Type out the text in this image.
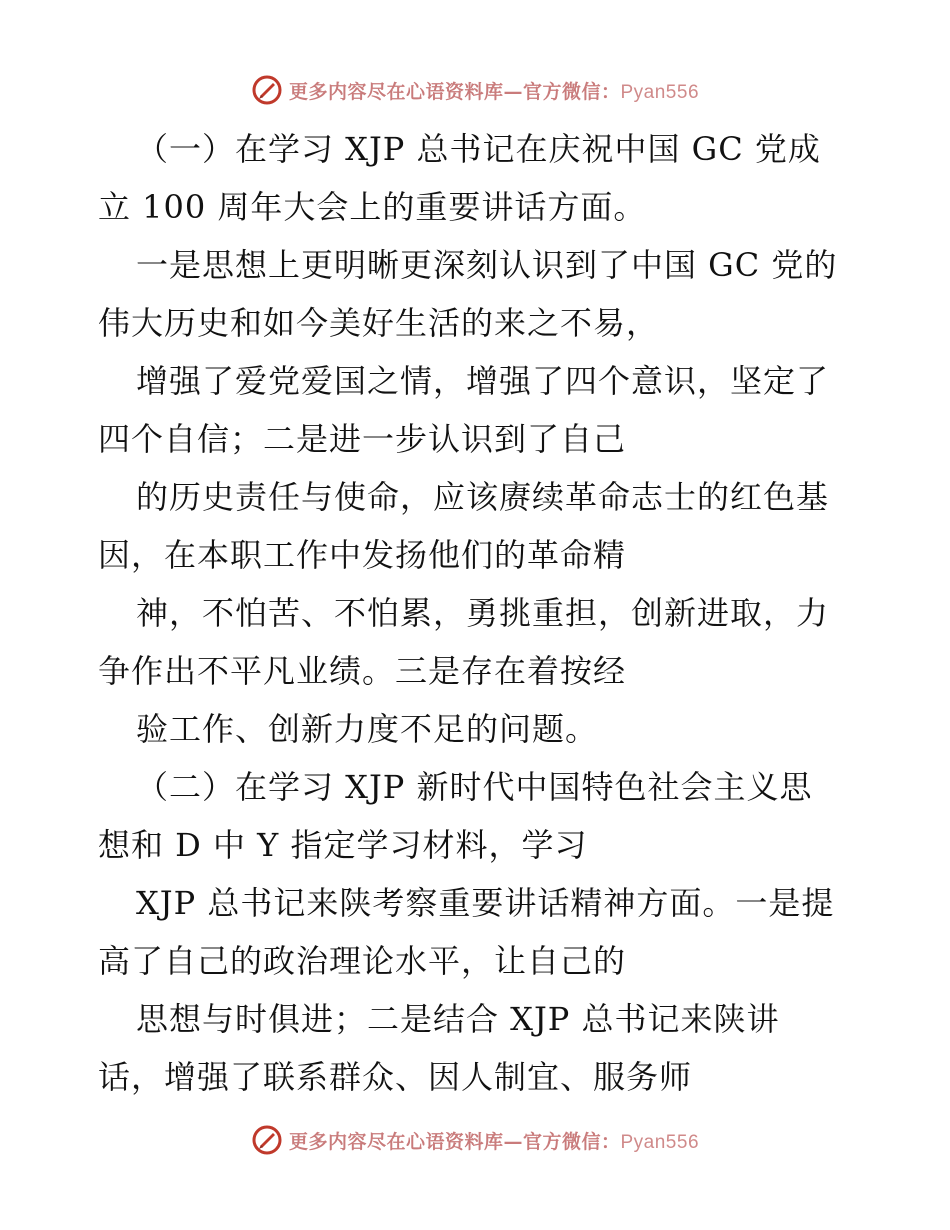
更多内容尽在心语资料库—官方微信：Pyan556
（一）在学习 XJP 总书记在庆祝中国 GC 党成
立 100 周年大会上的重要讲话方面。
一是思想上更明晰更深刻认识到了中国 GC 党的
伟大历史和如今美好生活的来之不易，
增强了爱党爱国之情，增强了四个意识，坚定了
四个自信；二是进一步认识到了自己
的历史责任与使命，应该赓续革命志士的红色基
因，在本职工作中发扬他们的革命精
神，不怕苦、不怕累，勇挑重担，创新进取，力
争作出不平凡业绩。三是存在着按经
验工作、创新力度不足的问题。
（二）在学习 XJP 新时代中国特色社会主义思
想和 D 中 Y 指定学习材料，学习
XJP 总书记来陕考察重要讲话精神方面。一是提
高了自己的政治理论水平，让自己的
思想与时俱进；二是结合 XJP 总书记来陕讲
话，增强了联系群众、因人制宜、服务师
更多内容尽在心语资料库—官方微信：Pyan556
